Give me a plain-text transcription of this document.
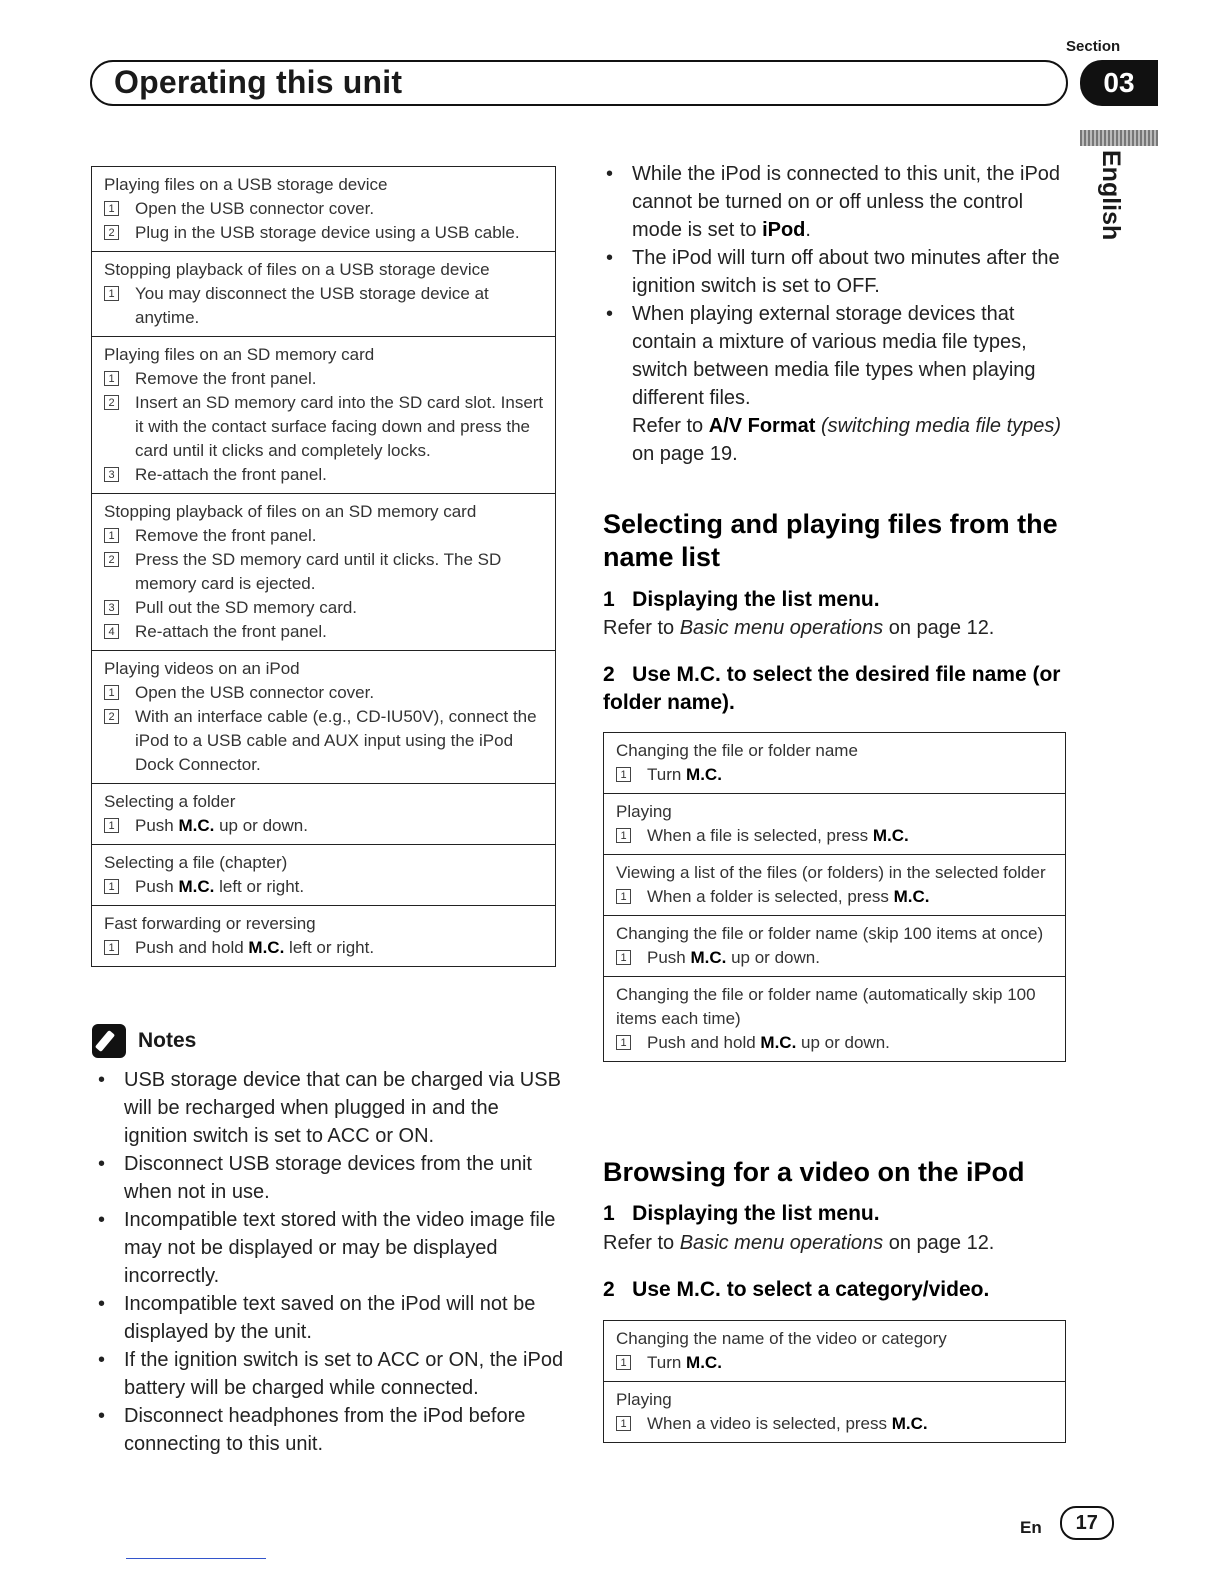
Section
Operating this unit	03
English
Playing files on a USB storage device
1 Open the USB connector cover.
2 Plug in the USB storage device using a USB cable.
Stopping playback of files on a USB storage device
1 You may disconnect the USB storage device at anytime.
Playing files on an SD memory card
1 Remove the front panel.
2 Insert an SD memory card into the SD card slot. Insert it with the contact surface facing down and press the card until it clicks and completely locks.
3 Re-attach the front panel.
Stopping playback of files on an SD memory card
1 Remove the front panel.
2 Press the SD memory card until it clicks. The SD memory card is ejected.
3 Pull out the SD memory card.
4 Re-attach the front panel.
Playing videos on an iPod
1 Open the USB connector cover.
2 With an interface cable (e.g., CD-IU50V), connect the iPod to a USB cable and AUX input using the iPod Dock Connector.
Selecting a folder
1 Push M.C. up or down.
Selecting a file (chapter)
1 Push M.C. left or right.
Fast forwarding or reversing
1 Push and hold M.C. left or right.
Notes
• USB storage device that can be charged via USB will be recharged when plugged in and the ignition switch is set to ACC or ON.
• Disconnect USB storage devices from the unit when not in use.
• Incompatible text stored with the video image file may not be displayed or may be displayed incorrectly.
• Incompatible text saved on the iPod will not be displayed by the unit.
• If the ignition switch is set to ACC or ON, the iPod battery will be charged while connected.
• Disconnect headphones from the iPod before connecting to this unit.
• While the iPod is connected to this unit, the iPod cannot be turned on or off unless the control mode is set to iPod.
• The iPod will turn off about two minutes after the ignition switch is set to OFF.
• When playing external storage devices that contain a mixture of various media file types, switch between media file types when playing different files.
Refer to A/V Format (switching media file types) on page 19.
Selecting and playing files from the name list
1   Displaying the list menu.
Refer to Basic menu operations on page 12.
2   Use M.C. to select the desired file name (or folder name).
Changing the file or folder name
1 Turn M.C.
Playing
1 When a file is selected, press M.C.
Viewing a list of the files (or folders) in the selected folder
1 When a folder is selected, press M.C.
Changing the file or folder name (skip 100 items at once)
1 Push M.C. up or down.
Changing the file or folder name (automatically skip 100 items each time)
1 Push and hold M.C. up or down.
Browsing for a video on the iPod
1   Displaying the list menu.
Refer to Basic menu operations on page 12.
2   Use M.C. to select a category/video.
Changing the name of the video or category
1 Turn M.C.
Playing
1 When a video is selected, press M.C.
En	17
